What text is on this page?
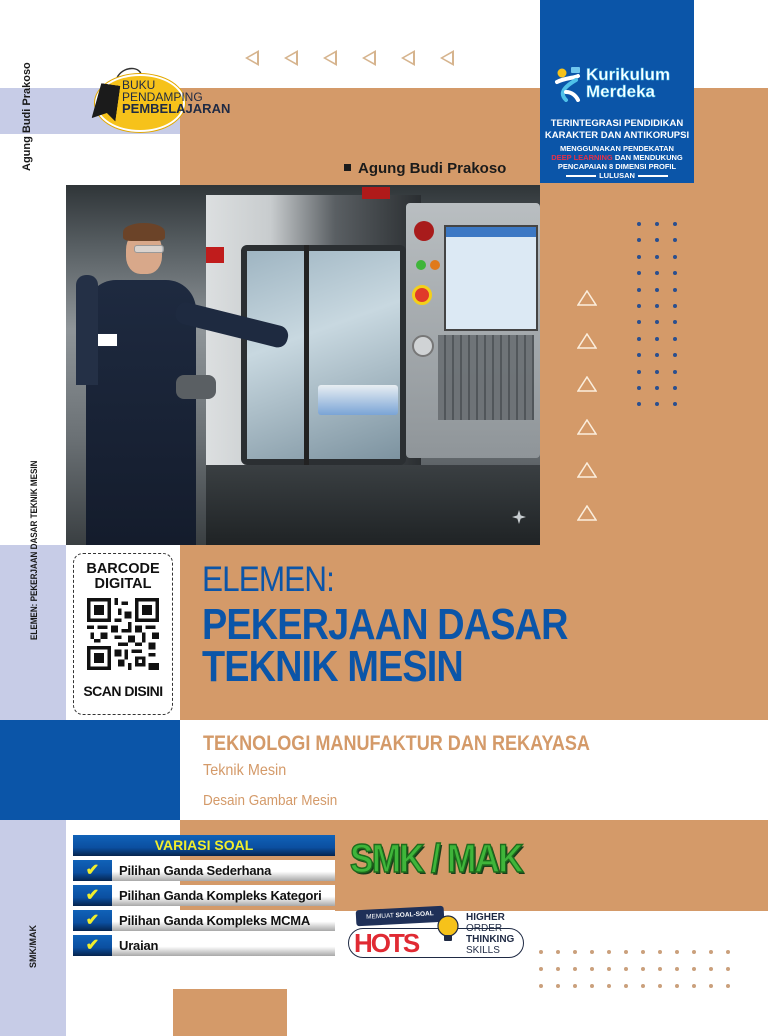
Agung Budi Prakoso
ELEMEN: PEKERJAAN DASAR TEKNIK MESIN
SMK/MAK
BUKU
PENDAMPING
PEMBELAJARAN
Kurikulum
Merdeka
TERINTEGRASI PENDIDIKAN
KARAKTER DAN ANTIKORUPSI
MENGGUNAKAN PENDEKATAN
DEEP LEARNING DAN MENDUKUNG
PENCAPAIAN 8 DIMENSI PROFIL
LULUSAN
Agung Budi Prakoso
BARCODE
DIGITAL
SCAN DISINI
ELEMEN:
PEKERJAAN DASAR
TEKNIK MESIN
TEKNOLOGI MANUFAKTUR DAN REKAYASA
Teknik Mesin
Desain Gambar Mesin
VARIASI SOAL
✔	Pilihan Ganda Sederhana
✔	Pilihan Ganda Kompleks Kategori
✔	Pilihan Ganda Kompleks MCMA
✔	Uraian
SMK / MAK
MEMUAT SOAL-SOAL
HOTS
HIGHER
ORDER
THINKING
SKILLS
